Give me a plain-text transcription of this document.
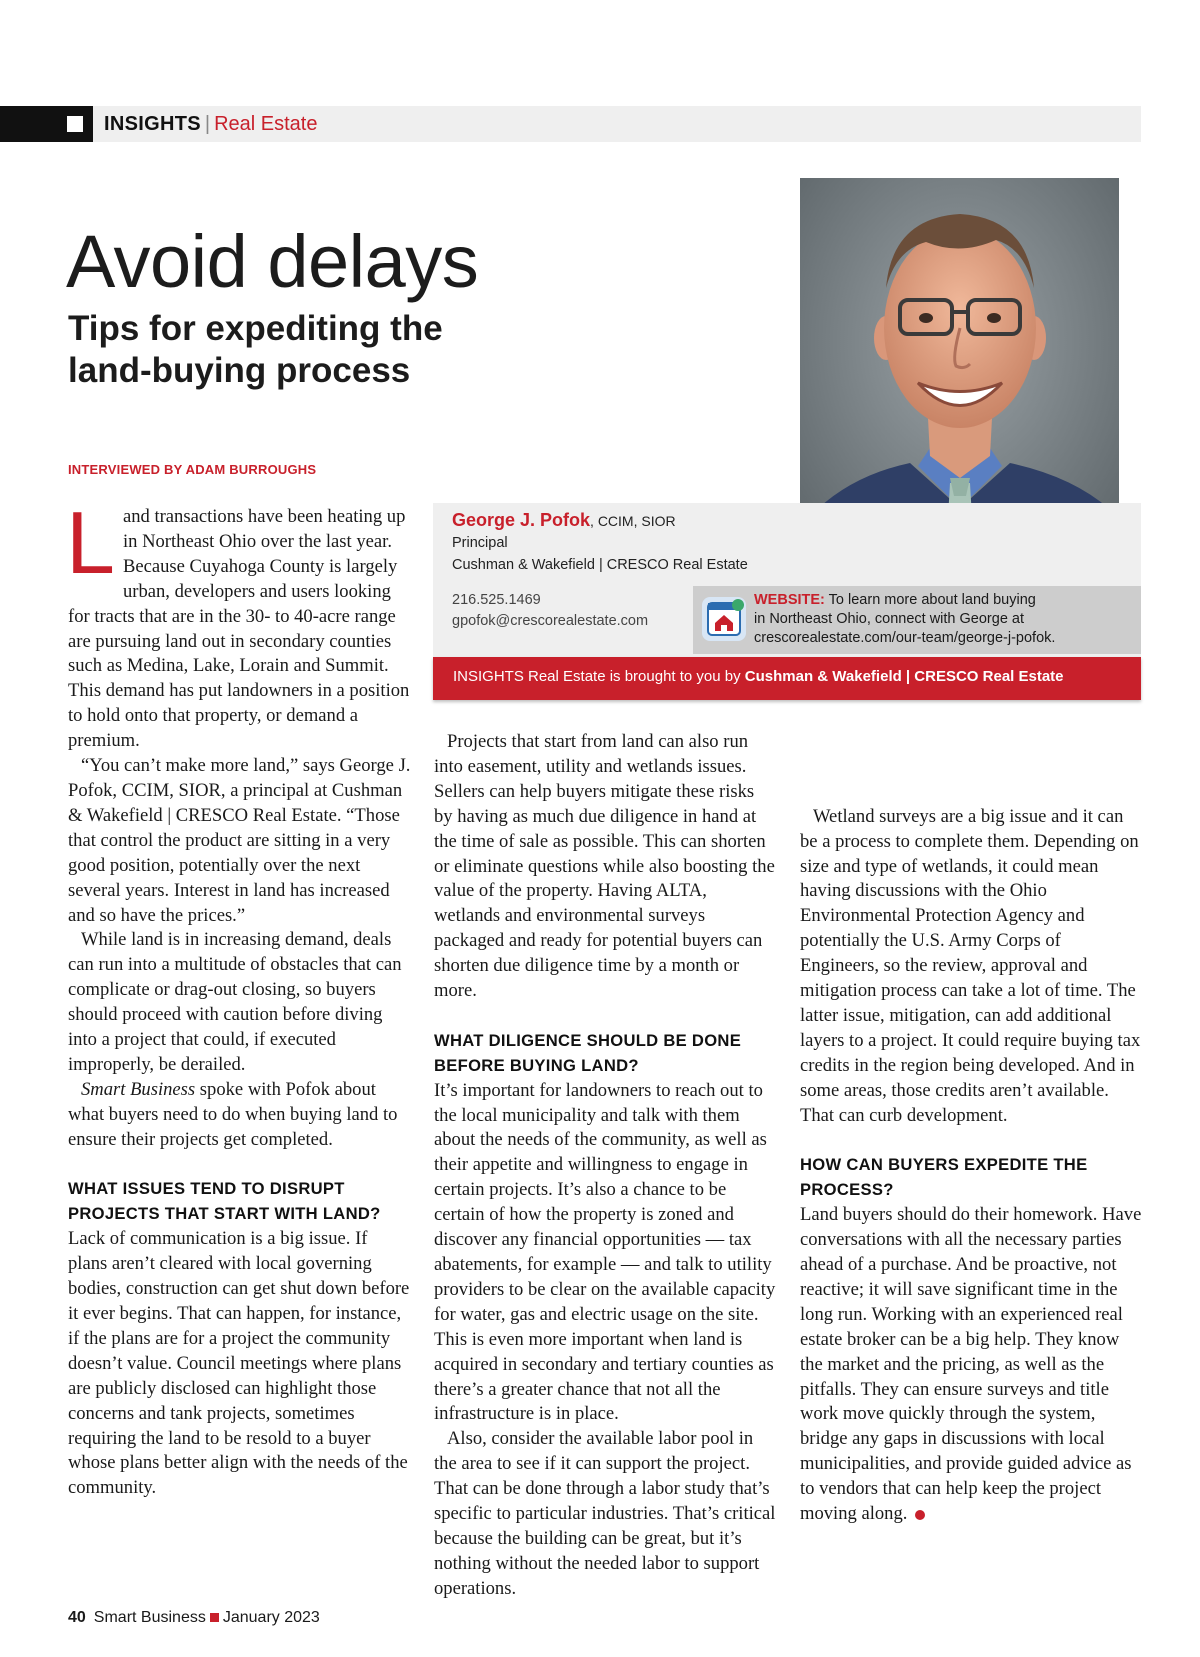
INSIGHTS | Real Estate
Avoid delays
Tips for expediting the land-buying process
INTERVIEWED BY ADAM BURROUGHS
George J. Pofok, CCIM, SIOR
Principal
Cushman & Wakefield | CRESCO Real Estate
216.525.1469
gpofok@crescorealestate.com
WEBSITE: To learn more about land buying
in Northeast Ohio, connect with George at
crescorealestate.com/our-team/george-j-pofok.
INSIGHTS Real Estate is brought to you by Cushman & Wakefield | CRESCO Real Estate

Land transactions have been heating up in Northeast Ohio over the last year. Because Cuyahoga County is largely urban, developers and users looking for tracts that are in the 30- to 40-acre range are pursuing land out in secondary counties such as Medina, Lake, Lorain and Summit. This demand has put landowners in a position to hold onto that property, or demand a premium.

“You can’t make more land,” says George J. Pofok, CCIM, SIOR, a principal at Cushman & Wakefield | CRESCO Real Estate. “Those that control the product are sitting in a very good position, potentially over the next several years. Interest in land has increased and so have the prices.”

While land is in increasing demand, deals can run into a multitude of obstacles that can complicate or drag-out closing, so buyers should proceed with caution before diving into a project that could, if executed improperly, be derailed.

Smart Business spoke with Pofok about what buyers need to do when buying land to ensure their projects get completed.

WHAT ISSUES TEND TO DISRUPT PROJECTS THAT START WITH LAND?

Lack of communication is a big issue. If plans aren’t cleared with local governing bodies, construction can get shut down before it ever begins. That can happen, for instance, if the plans are for a project the community doesn’t value. Council meetings where plans are publicly disclosed can highlight those concerns and tank projects, sometimes requiring the land to be resold to a buyer whose plans better align with the needs of the community.

Projects that start from land can also run into easement, utility and wetlands issues. Sellers can help buyers mitigate these risks by having as much due diligence in hand at the time of sale as possible. This can shorten or eliminate questions while also boosting the value of the property. Having ALTA, wetlands and environmental surveys packaged and ready for potential buyers can shorten due diligence time by a month or more.

WHAT DILIGENCE SHOULD BE DONE BEFORE BUYING LAND?

It’s important for landowners to reach out to the local municipality and talk with them about the needs of the community, as well as their appetite and willingness to engage in certain projects. It’s also a chance to be certain of how the property is zoned and discover any financial opportunities — tax abatements, for example — and talk to utility providers to be clear on the available capacity for water, gas and electric usage on the site. This is even more important when land is acquired in secondary and tertiary counties as there’s a greater chance that not all the infrastructure is in place.

Also, consider the available labor pool in the area to see if it can support the project. That can be done through a labor study that’s specific to particular industries. That’s critical because the building can be great, but it’s nothing without the needed labor to support operations.

Wetland surveys are a big issue and it can be a process to complete them. Depending on size and type of wetlands, it could mean having discussions with the Ohio Environmental Protection Agency and potentially the U.S. Army Corps of Engineers, so the review, approval and mitigation process can take a lot of time. The latter issue, mitigation, can add additional layers to a project. It could require buying tax credits in the region being developed. And in some areas, those credits aren’t available. That can curb development.

HOW CAN BUYERS EXPEDITE THE PROCESS?

Land buyers should do their homework. Have conversations with all the necessary parties ahead of a purchase. And be proactive, not reactive; it will save significant time in the long run. Working with an experienced real estate broker can be a big help. They know the market and the pricing, as well as the pitfalls. They can ensure surveys and title work move quickly through the system, bridge any gaps in discussions with local municipalities, and provide guided advice as to vendors that can help keep the project moving along.

40 Smart Business January 2023
